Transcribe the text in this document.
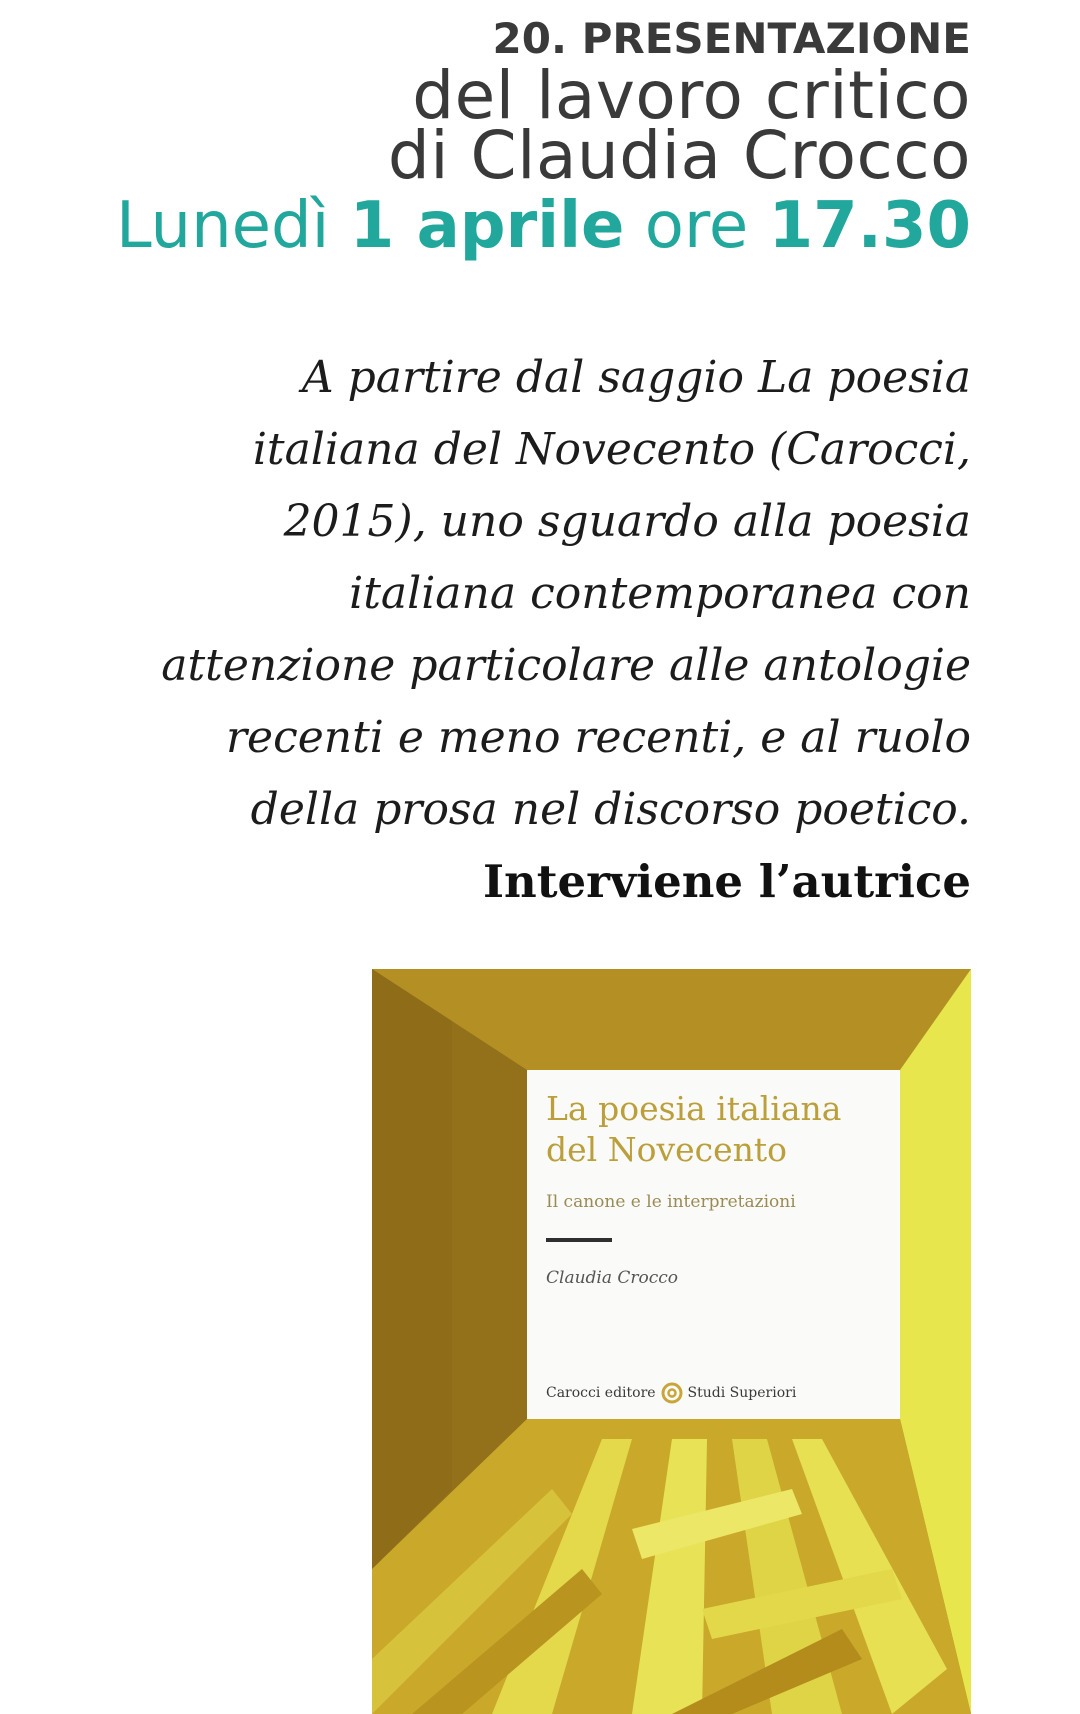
20. PRESENTAZIONE
del lavoro critico
di Claudia Crocco
Lunedì 1 aprile ore 17.30
A partire dal saggio La poesia
italiana del Novecento (Carocci,
2015), uno sguardo alla poesia
italiana contemporanea con
attenzione particolare alle antologie
recenti e meno recenti, e al ruolo
della prosa nel discorso poetico.
Interviene l’autrice
La poesia italiana del Novecento
Il canone e le interpretazioni
Claudia Crocco
Carocci editore Studi Superiori
